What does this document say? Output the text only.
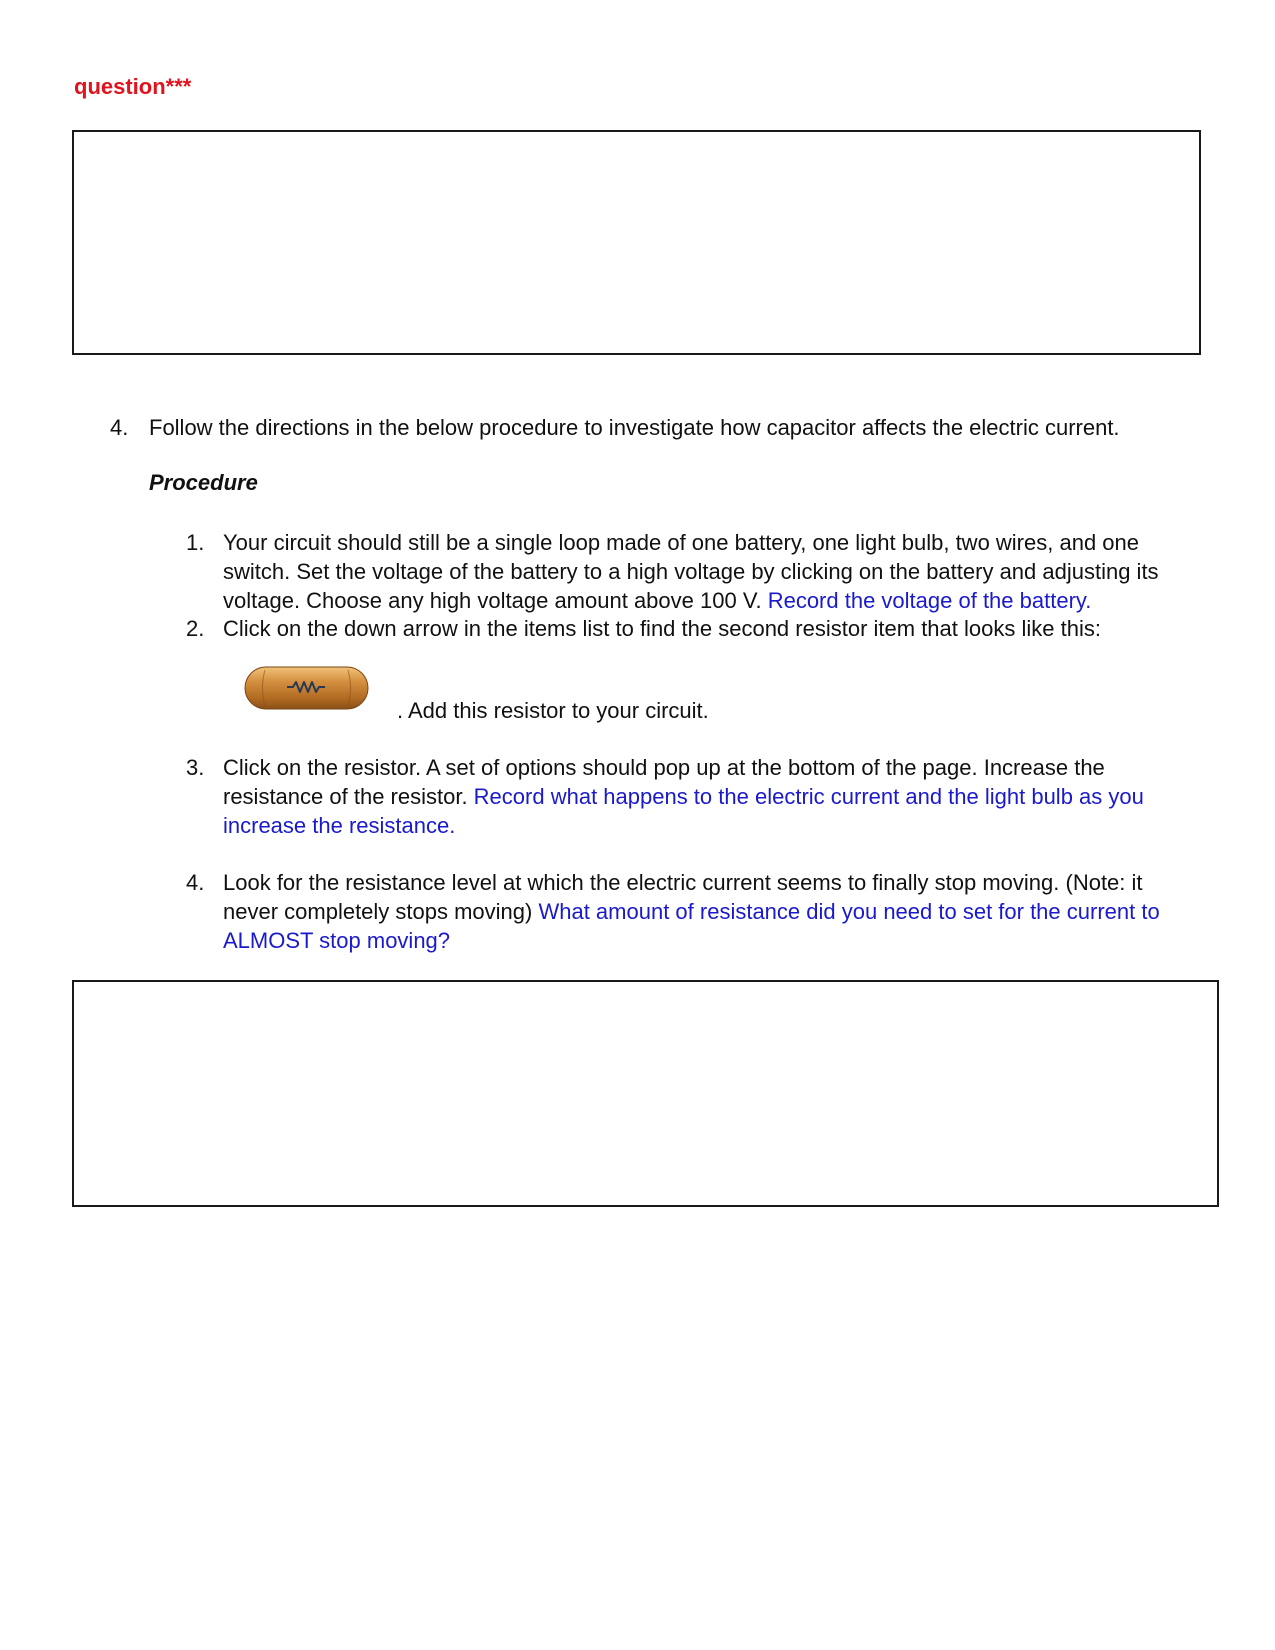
question***
4. Follow the directions in the below procedure to investigate how capacitor affects the electric current.
Procedure
1. Your circuit should still be a single loop made of one battery, one light bulb, two wires, and one switch. Set the voltage of the battery to a high voltage by clicking on the battery and adjusting its voltage. Choose any high voltage amount above 100 V. Record the voltage of the battery.
2. Click on the down arrow in the items list to find the second resistor item that looks like this:
. Add this resistor to your circuit.
3. Click on the resistor. A set of options should pop up at the bottom of the page. Increase the resistance of the resistor. Record what happens to the electric current and the light bulb as you increase the resistance.
4. Look for the resistance level at which the electric current seems to finally stop moving. (Note: it never completely stops moving) What amount of resistance did you need to set for the current to ALMOST stop moving?
